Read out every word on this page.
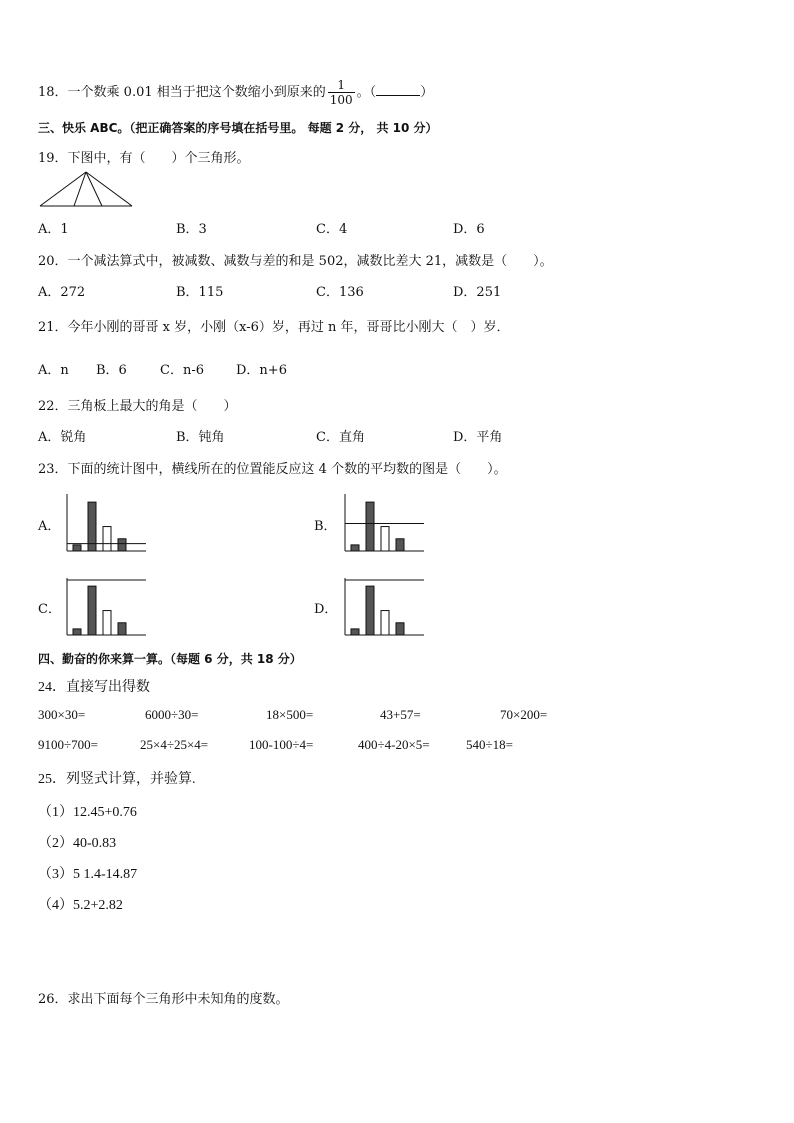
18．一个数乘 0.01 相当于把这个数缩小到原来的 $\frac{1}{100}$ 。（	）
三、快乐 ABC。（把正确答案的序号填在括号里。 每题 2 分， 共 10 分）
19．下图中，有（　　）个三角形。
A．1	B．3	C．4	D．6
20．一个减法算式中，被减数、减数与差的和是 502，减数比差大 21，减数是（　　）。
A．272	B．115	C．136	D．251
21．今年小刚的哥哥 x 岁，小刚（x-6）岁，再过 n 年，哥哥比小刚大（　）岁．
A．n B．6	C．n-6 D．n+6
22．三角板上最大的角是（　　）
A．锐角	B．钝角	C．直角	D．平角
23．下面的统计图中，横线所在的位置能反应这 4 个数的平均数的图是（　　）。
A．	B．
C．	D．
四、勤奋的你来算一算。（每题 6 分，共 18 分）
24．直接写出得数
300×30=	6000÷30=	18×500=	43+57=	70×200=
9100÷700=	25×4÷25×4=	100-100÷4=	400÷4-20×5=	540÷18=
25．列竖式计算，并验算.
（1）12.45+0.76
（2）40-0.83
（3）5 1.4-14.87
（4）5.2+2.82
26．求出下面每个三角形中未知角的度数。
